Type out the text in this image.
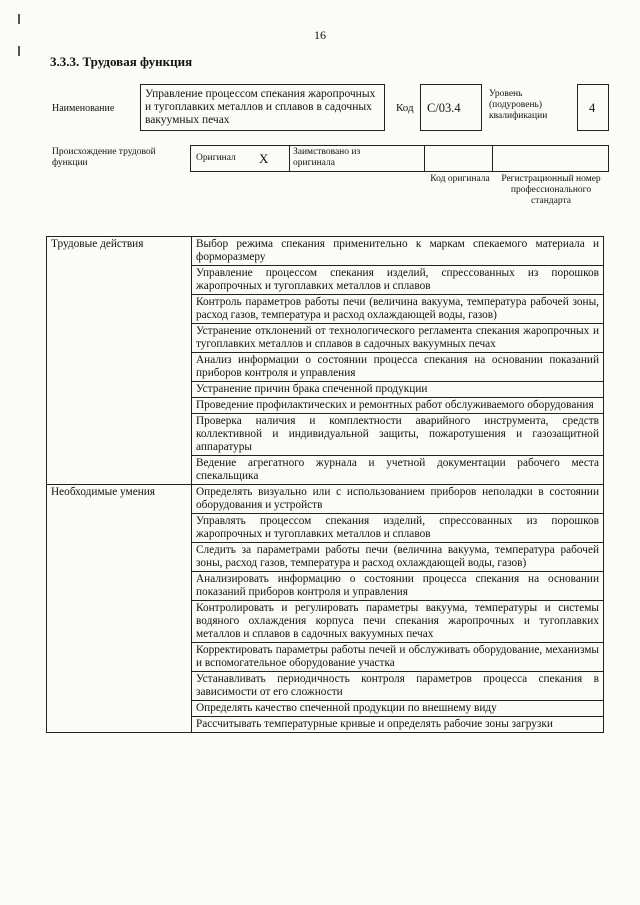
16
3.3.3. Трудовая функция
Наименование
Управление процессом спекания жаропрочных и тугоплавких металлов и сплавов в садочных вакуумных печах
Код C/03.4
Уровень (подуровень) квалификации
4
Происхождение трудовой функции	Оригинал X	Заимствовано из оригинала
Код оригинала	Регистрационный номер профессионального стандарта
Трудовые действия	Выбор режима спекания применительно к маркам спекаемого материала и форморазмеру
	Управление процессом спекания изделий, спрессованных из порошков жаропрочных и тугоплавких металлов и сплавов
	Контроль параметров работы печи (величина вакуума, температура рабочей зоны, расход газов, температура и расход охлаждающей воды, газов)
	Устранение отклонений от технологического регламента спекания жаропрочных и тугоплавких металлов и сплавов в садочных вакуумных печах
	Анализ информации о состоянии процесса спекания на основании показаний приборов контроля и управления
	Устранение причин брака спеченной продукции
	Проведение профилактических и ремонтных работ обслуживаемого оборудования
	Проверка наличия и комплектности аварийного инструмента, средств коллективной и индивидуальной защиты, пожаротушения и газозащитной аппаратуры
	Ведение агрегатного журнала и учетной документации рабочего места спекальщика
Необходимые умения	Определять визуально или с использованием приборов неполадки в состоянии оборудования и устройств
	Управлять процессом спекания изделий, спрессованных из порошков жаропрочных и тугоплавких металлов и сплавов
	Следить за параметрами работы печи (величина вакуума, температура рабочей зоны, расход газов, температура и расход охлаждающей воды, газов)
	Анализировать информацию о состоянии процесса спекания на основании показаний приборов контроля и управления
	Контролировать и регулировать параметры вакуума, температуры и системы водяного охлаждения корпуса печи спекания жаропрочных и тугоплавких металлов и сплавов в садочных вакуумных печах
	Корректировать параметры работы печей и обслуживать оборудование, механизмы и вспомогательное оборудование участка
	Устанавливать периодичность контроля параметров процесса спекания в зависимости от его сложности
	Определять качество спеченной продукции по внешнему виду
	Рассчитывать температурные кривые и определять рабочие зоны загрузки
